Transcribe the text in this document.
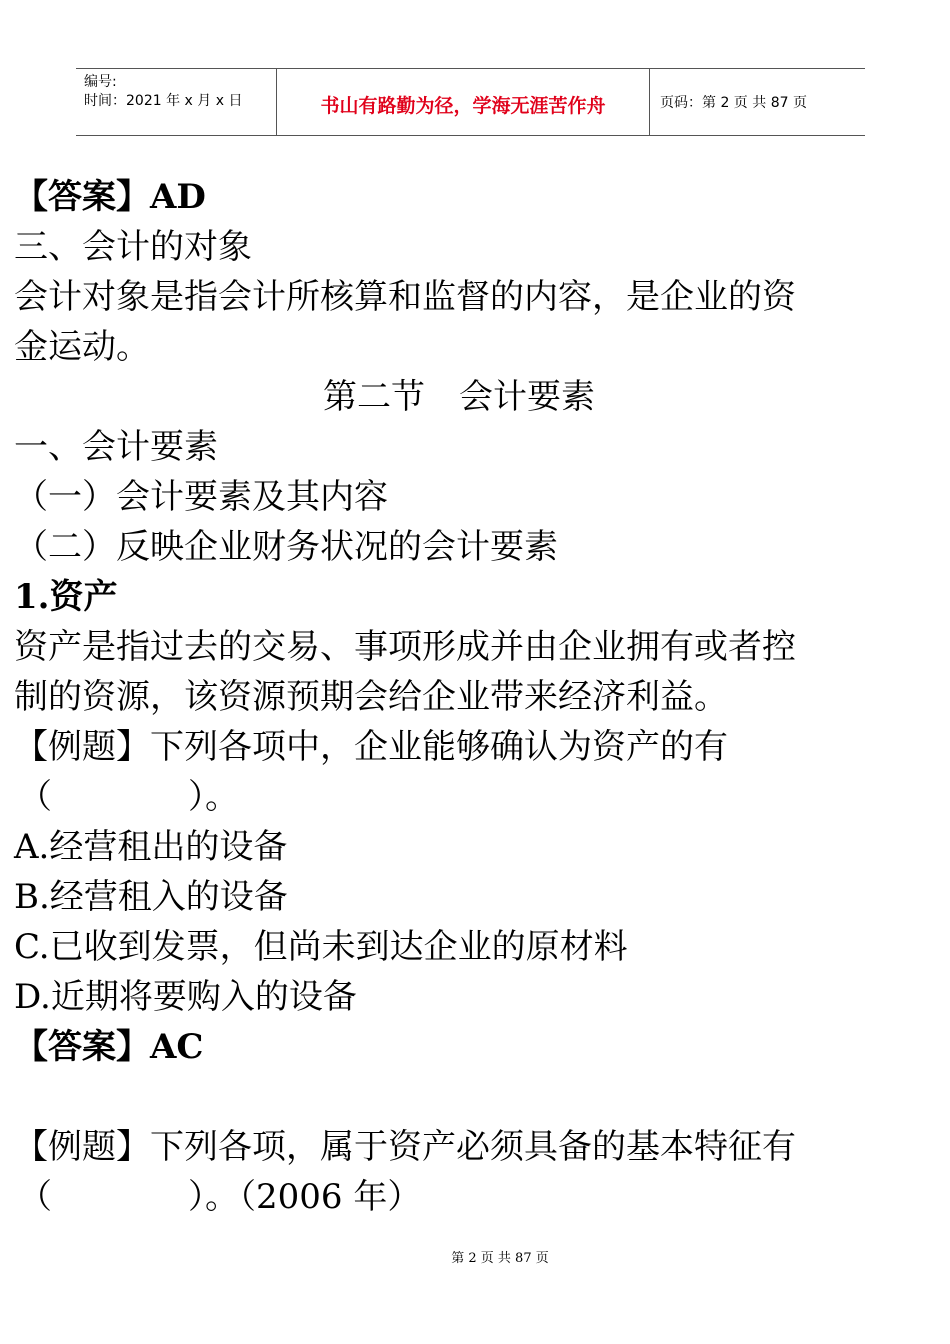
编号:
时间：2021 年 x 月 x 日	书山有路勤为径，学海无涯苦作舟	页码：第 2 页 共 87 页
【答案】AD
三、会计的对象
会计对象是指会计所核算和监督的内容，是企业的资
金运动。
第二节　会计要素
一、会计要素
（一）会计要素及其内容
（二）反映企业财务状况的会计要素
1.资产
资产是指过去的交易、事项形成并由企业拥有或者控
制的资源，该资源预期会给企业带来经济利益。
【例题】下列各项中，企业能够确认为资产的有
（　　　　）。
A.经营租出的设备
B.经营租入的设备
C.已收到发票，但尚未到达企业的原材料
D.近期将要购入的设备
【答案】AC
【例题】下列各项，属于资产必须具备的基本特征有
（　　　　）。（2006 年）
第 2 页 共 87 页
